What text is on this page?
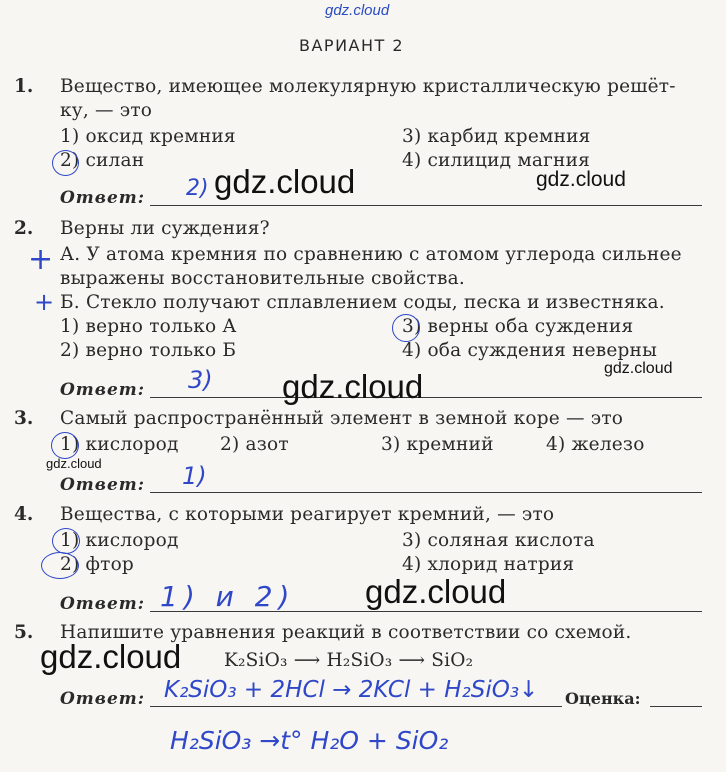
gdz.cloud
ВАРИАНТ 2
1. Вещество, имеющее молекулярную кристаллическую решёт-
ку, — это
1) оксид кремния
2) силан
3) карбид кремния
4) силицид магния
Ответ: 2) gdz.cloud	gdz.cloud
2. Верны ли суждения?
+ А. У атома кремния по сравнению с атомом углерода сильнее
выражены восстановительные свойства.
+ Б. Стекло получают сплавлением соды, песка и известняка.
1) верно только А
2) верно только Б
3) верны оба суждения
4) оба суждения неверны
Ответ: 3) gdz.cloud	gdz.cloud
3. Самый распространённый элемент в земной коре — это
1) кислород 2) азот	3) кремний	4) железо
gdz.cloud
Ответ: 1)
4. Вещества, с которыми реагирует кремний, — это
1) кислород
2) фтор
3) соляная кислота
4) хлорид натрия
Ответ: 1) и 2) gdz.cloud
5. Напишите уравнения реакций в соответствии со схемой.
K₂SiO₃ ⟶ H₂SiO₃ ⟶ SiO₂
gdz.cloud
Ответ: K₂SiO₃ + 2HCl → 2KCl + H₂SiO₃↓ Оценка:
H₂SiO₃ →t° H₂O + SiO₂
